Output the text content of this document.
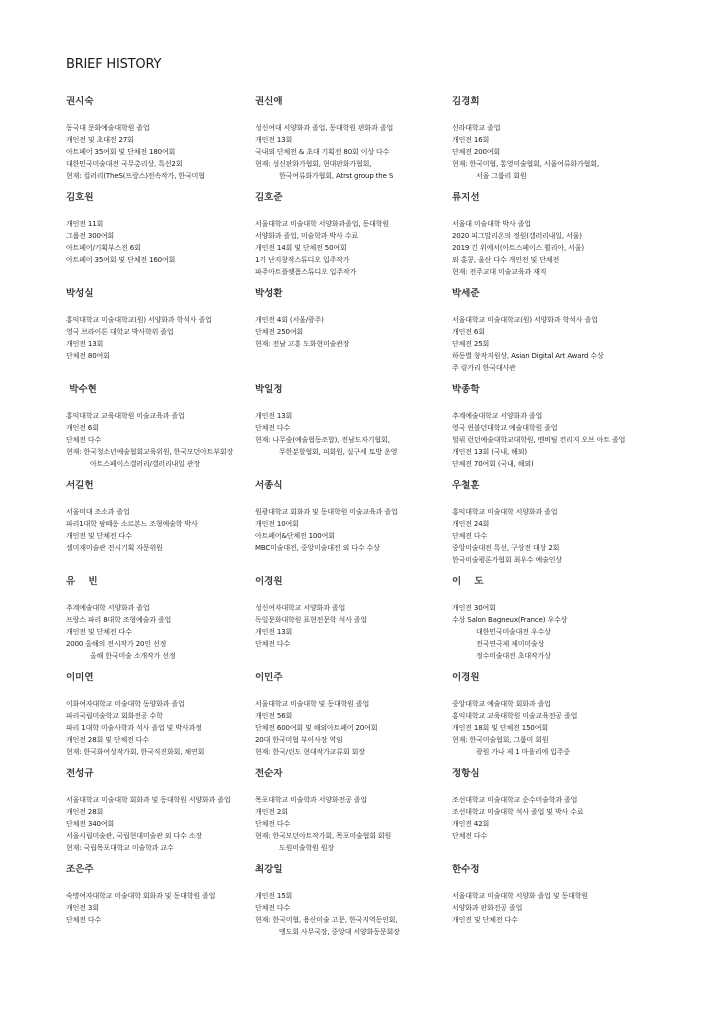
BRIEF HISTORY
권시숙
동국대 문화예술대학원 졸업
개인전 및 초대전 27회
아트페어 35여회 및 단체전 180여회
대한민국미술대전 국무총리상, 특선2회
현재: 컬러리(TheS(프랑스)전속작가, 한국미협
권신애
성신여대 서양화과 졸업, 동대학원 판화과 졸업
개인전 13회
국내외 단체전 & 초대 기획전 80회 이상 다수
현재: 성신판화가협회, 현대판화가협회,
한국여류화가협회, Atrst group the S
김경희
신라대학교 졸업
개인전 16회
단체전 200여회
현재: 한국미협, 통영미술협회, 서울여류화가협회,
서울 그룹리 회원
김호원
개인전 11회
그룹전 300여회
아트페어/기획부스전 6회
아트페어 35여회 및 단체전 160여회
김호준
서울대학교 미술대학 서양화과졸업, 동대학원
서양화과 졸업, 미술학과 박사 수료
개인전 14회 및 단체전 50여회
1기 난지창작스튜디오 입주작가
파주아트플랫폼스튜디오 입주작가
류지선
서울대 미술대학 박사 졸업
2020 피그말리온의 정원(갤러리내일, 서울)
2019 긴 위에서(아트스페이스 휠리아, 서울)
외 홍콩, 울산 다수 개인전 및 단체전
현재: 전주교대 미술교육과 재직
박성실
홍익대학교 미술대학교(원) 서양화과 학석사 졸업
영국 브라이튼 대학교 박사학위 졸업
개인전 13회
단체전 80여회
박성환
개인전 4회 (서울/광주)
단체전 250여회
현재: 전남 고흥 도화현미술관장
박세준
서울대학교 미술대학교(원) 서양화과 학석사 졸업
개인전 6회
단체전 25회
하동별 창작지원상, Asian Digital Art Award 수상
주 링가리 한국대사관
박수현
홍익대학교 교육대학원 미술교육과 졸업
개인전 6회
단체전 다수
현재: 한국청소년예술협회교육위원, 한국모던아트부회장
아트스페이스갤러리/갤러리내일 관장
박일정
개인전 13회
단체전 다수
현재: 나무숲(예술협동조합), 전남도자기협회,
무한분할협회, 피회원, 실구세 토방 운영
박종학
추계예술대학교 서양화과 졸업
영국 윈블던대학교 예술대학원 졸업
헐뤼 런던예술대학교대학원, 멘버틸 컨리지 오브 아트 졸업
개인전 13회 (국내, 해외)
단체전 70여회 (국내, 해외)
서길헌
서울미대 조소과 졸업
파리1대학 팡떼옹 소르본느 조형예술학 박사
개인전 및 단체전 다수
셀미재미술관 전시기획 자문위원
서종식
원광대학교 회화과 및 동대학원 미술교육과 졸업
개인전 10여회
아트페어&단체전 100여회
MBC미술대전, 중앙미술대전 외 다수 수상
우철훈
홍익대학교 미술대학 서양화과 졸업
개인전 24회
단체전 다수
중앙미술대전 특선, 구상전 대상 2회
한국미술평론가협회 최우수 예술인상
유    빈
추계예술대학 서양화과 졸업
프랑스 파리 8대학 조형예술과 졸업
개인전 및 단체전 다수
2000 올해의 전시작가 20인 선정
올해 한국미술 소개작가 선정
이경원
성신여자대학교 서양화과 졸업
독일문화대학원 표현전문학 석사 졸업
개인전 13회
단체전 다수
이    도
개인전 30여회
수상 Salon Bagneux(France) 우수상
대한민국미술대전 우수상
전국연극제 제미미술상
정수미술대전 초대작가상
이미연
이화여자대학교 미술대학 동양화과 졸업
파리국립미술학교 회화전공 수학
파리 1대학 미술사학과 석사 졸업 및 박사과정
개인전 28회 및 단체전 다수
현재: 한국화여성작가회, 한국직진화회, 채연회
이민주
서울대학교 미술대학 및 동대학원 졸업
개인전 56회
단체전 600여회 및 해외아트페어 20여회
20대 한국미협 부이사장 역임
현재: 한국/린도 현대작가교류회 회장
이경원
중앙대학교 예술대학 회화과 졸업
홍익대학교 교육대학원 미술교육전공 졸업
개인전 18회 및 단체전 150여회
현재: 한국미술협회, 그룹미 회원
광원 가나 제 1 마을리에 입주중
전성규
서울대학교 미술대학 회화과 및 동대학원 서양화과 졸업
개인전 28회
단체전 340여회
서울시립미술관, 국립현대미술관 외 다수 소장
현재: 국립목포대학교 미술학과 교수
전순자
목포대학교 미술학과 서양화전공 졸업
개인전 2회
단체전 다수
현재: 한국모던아트작가회, 목포미술협회 회원
도원미술학원 원장
정항심
조선대학교 미술대학교 순수미술학과 졸업
조선대학교 미술대학 석사 졸업 및 박사 수료
개인전 42회
단체전 다수
조은주
숙명여자대학교 미술대학 회화과 및 동대학원 졸업
개인전 3회
단체전 다수
최강일
개인전 15회
단체전 다수
현재: 한국미협, 용산미술 고문, 한국지역동인회,
맹도회 사무국장, 중앙대 서양화동문회장
한수정
서울대학교 미술대학 서양화 졸업 및 동대학원
서양화과 판화전공 졸업
개인전 및 단체전 다수
